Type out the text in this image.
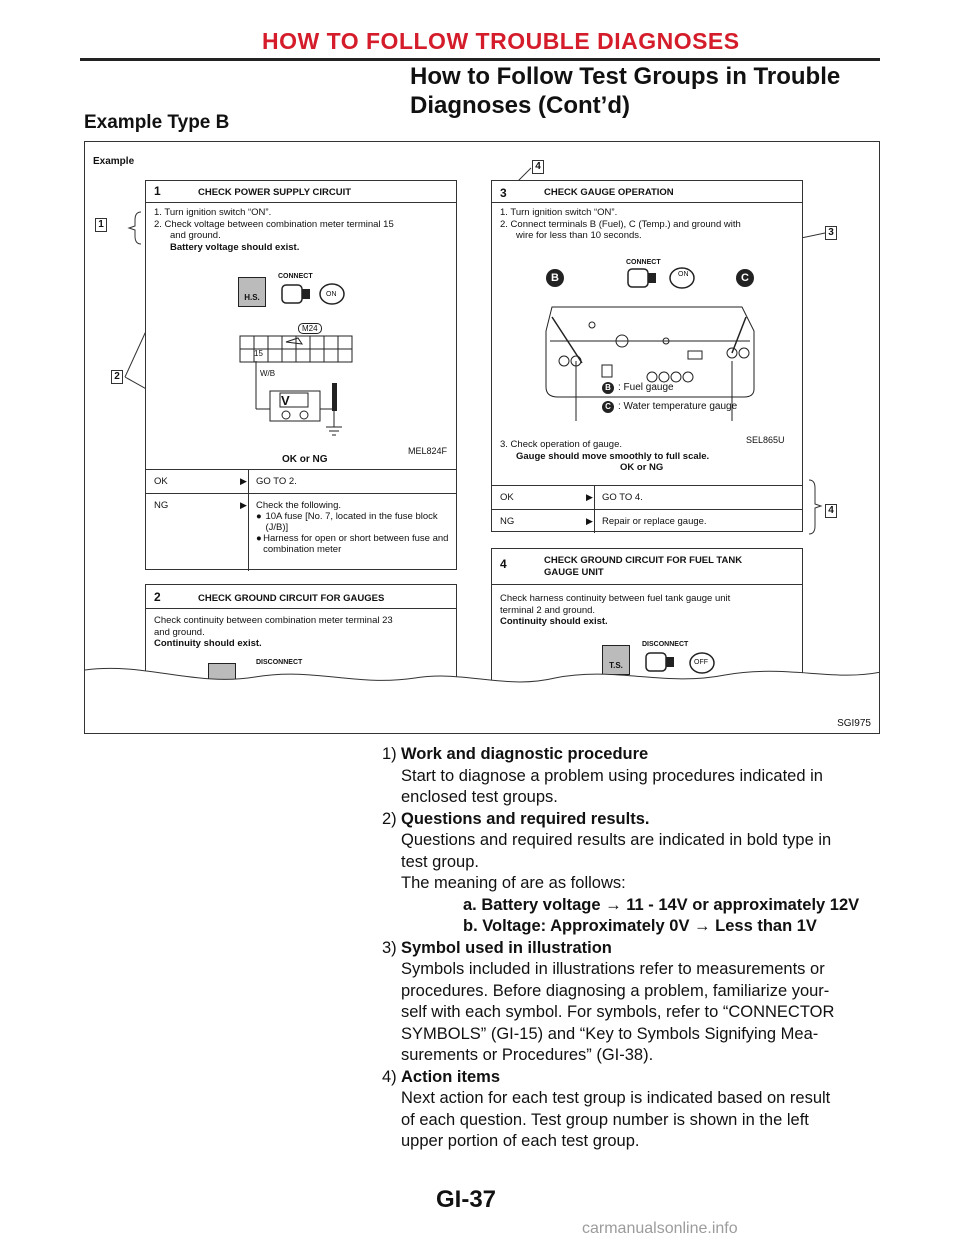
HOW TO FOLLOW TROUBLE DIAGNOSES
How to Follow Test Groups in Trouble
Diagnoses (Cont’d)
Example Type B
Example
1
2
3
4
4
1	CHECK POWER SUPPLY CIRCUIT
1. Turn ignition switch “ON”.
2. Check voltage between combination meter terminal 15
and ground.
Battery voltage should exist.
H.S.
CONNECT
ON
M24
15
W/B
V
OK or NG
MEL824F
OK	▶ GO TO 2.
NG	▶ Check the following.
● 10A fuse [No. 7, located in the fuse block (J/B)]
● Harness for open or short between fuse and combination meter
2	CHECK GROUND CIRCUIT FOR GAUGES
Check continuity between combination meter terminal 23
and ground.
Continuity should exist.
DISCONNECT
3	CHECK GAUGE OPERATION
1. Turn ignition switch “ON”.
2. Connect terminals B (Fuel), C (Temp.) and ground with
wire for less than 10 seconds.
CONNECT
ON
B	C
B : Fuel gauge
C : Water temperature gauge
SEL865U
3. Check operation of gauge.
Gauge should move smoothly to full scale.
OK or NG
OK	▶ GO TO 4.
NG	▶ Repair or replace gauge.
4	CHECK GROUND CIRCUIT FOR FUEL TANK
GAUGE UNIT
Check harness continuity between fuel tank gauge unit
terminal 2 and ground.
Continuity should exist.
T.S.
DISCONNECT
OFF
SGI975
1) Work and diagnostic procedure
Start to diagnose a problem using procedures indicated in
enclosed test groups.
2) Questions and required results.
Questions and required results are indicated in bold type in
test group.
The meaning of are as follows:
a. Battery voltage → 11 - 14V or approximately 12V
b. Voltage: Approximately 0V → Less than 1V
3) Symbol used in illustration
Symbols included in illustrations refer to measurements or
procedures. Before diagnosing a problem, familiarize your-
self with each symbol. For symbols, refer to “CONNECTOR
SYMBOLS” (GI-15) and “Key to Symbols Signifying Mea-
surements or Procedures” (GI-38).
4) Action items
Next action for each test group is indicated based on result
of each question. Test group number is shown in the left
upper portion of each test group.
GI-37
carmanualsonline.info
